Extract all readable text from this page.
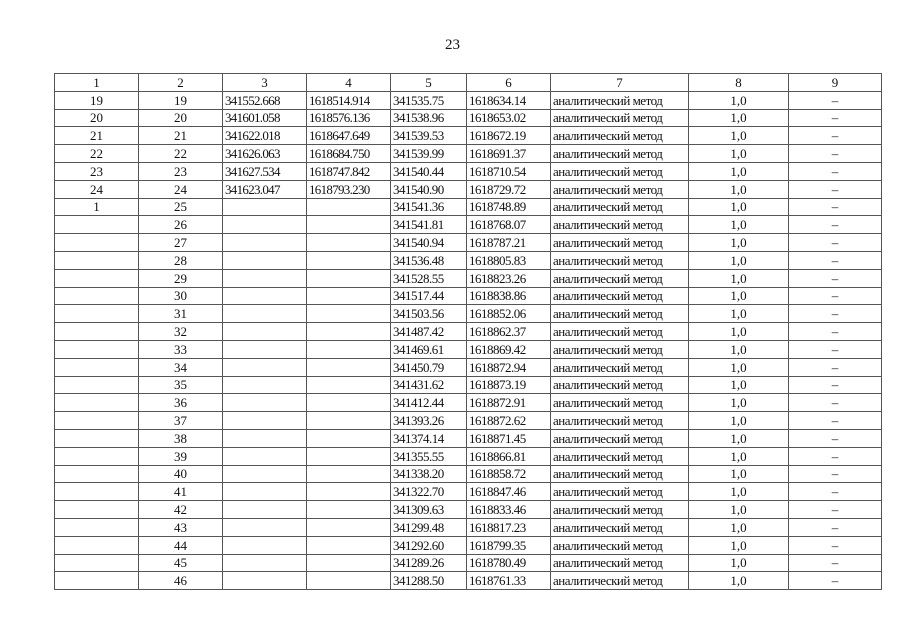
23
1	2	3	4	5	6	7	8	9
19	19	341552.668	1618514.914	341535.75	1618634.14	аналитический метод	1,0	–
20	20	341601.058	1618576.136	341538.96	1618653.02	аналитический метод	1,0	–
21	21	341622.018	1618647.649	341539.53	1618672.19	аналитический метод	1,0	–
22	22	341626.063	1618684.750	341539.99	1618691.37	аналитический метод	1,0	–
23	23	341627.534	1618747.842	341540.44	1618710.54	аналитический метод	1,0	–
24	24	341623.047	1618793.230	341540.90	1618729.72	аналитический метод	1,0	–
1	25			341541.36	1618748.89	аналитический метод	1,0	–
	26			341541.81	1618768.07	аналитический метод	1,0	–
	27			341540.94	1618787.21	аналитический метод	1,0	–
	28			341536.48	1618805.83	аналитический метод	1,0	–
	29			341528.55	1618823.26	аналитический метод	1,0	–
	30			341517.44	1618838.86	аналитический метод	1,0	–
	31			341503.56	1618852.06	аналитический метод	1,0	–
	32			341487.42	1618862.37	аналитический метод	1,0	–
	33			341469.61	1618869.42	аналитический метод	1,0	–
	34			341450.79	1618872.94	аналитический метод	1,0	–
	35			341431.62	1618873.19	аналитический метод	1,0	–
	36			341412.44	1618872.91	аналитический метод	1,0	–
	37			341393.26	1618872.62	аналитический метод	1,0	–
	38			341374.14	1618871.45	аналитический метод	1,0	–
	39			341355.55	1618866.81	аналитический метод	1,0	–
	40			341338.20	1618858.72	аналитический метод	1,0	–
	41			341322.70	1618847.46	аналитический метод	1,0	–
	42			341309.63	1618833.46	аналитический метод	1,0	–
	43			341299.48	1618817.23	аналитический метод	1,0	–
	44			341292.60	1618799.35	аналитический метод	1,0	–
	45			341289.26	1618780.49	аналитический метод	1,0	–
	46			341288.50	1618761.33	аналитический метод	1,0	–
